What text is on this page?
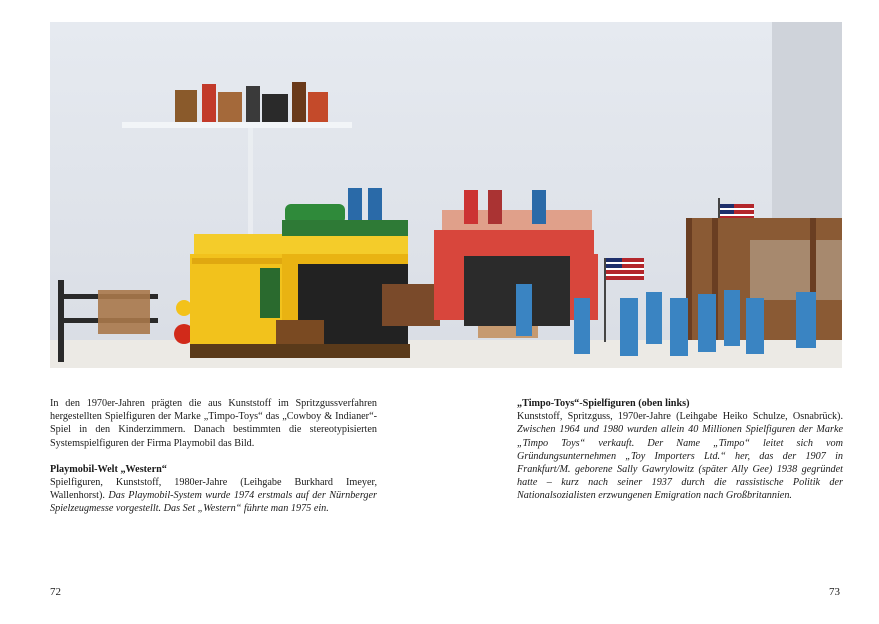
In den 1970er-Jahren prägten die aus Kunststoff im Spritzgussverfahren hergestellten Spielfiguren der Marke „Timpo-Toys“ das „Cowboy & Indianer“-Spiel in den Kinderzimmern. Danach bestimmten die stereotypisierten Systemspielfiguren der Firma Playmobil das Bild.

Playmobil-Welt „Western“
Spielfiguren, Kunststoff, 1980er-Jahre (Leihgabe Burkhard Imeyer, Wallenhorst). Das Playmobil-System wurde 1974 erstmals auf der Nürnberger Spielzeugmesse vorgestellt. Das Set „Western“ führte man 1975 ein.

„Timpo-Toys“-Spielfiguren (oben links)
Kunststoff, Spritzguss, 1970er-Jahre (Leihgabe Heiko Schulze, Osnabrück). Zwischen 1964 und 1980 wurden allein 40 Millionen Spielfiguren der Marke „Timpo Toys“ verkauft. Der Name „Timpo“ leitet sich vom Gründungsunternehmen „Toy Importers Ltd.“ her, das der 1907 in Frankfurt/M. geborene Sally Gawrylowitz (später Ally Gee) 1938 gegründet hatte – kurz nach seiner 1937 durch die rassistische Politik der Nationalsozialisten erzwungenen Emigration nach Großbritannien.

72	73
